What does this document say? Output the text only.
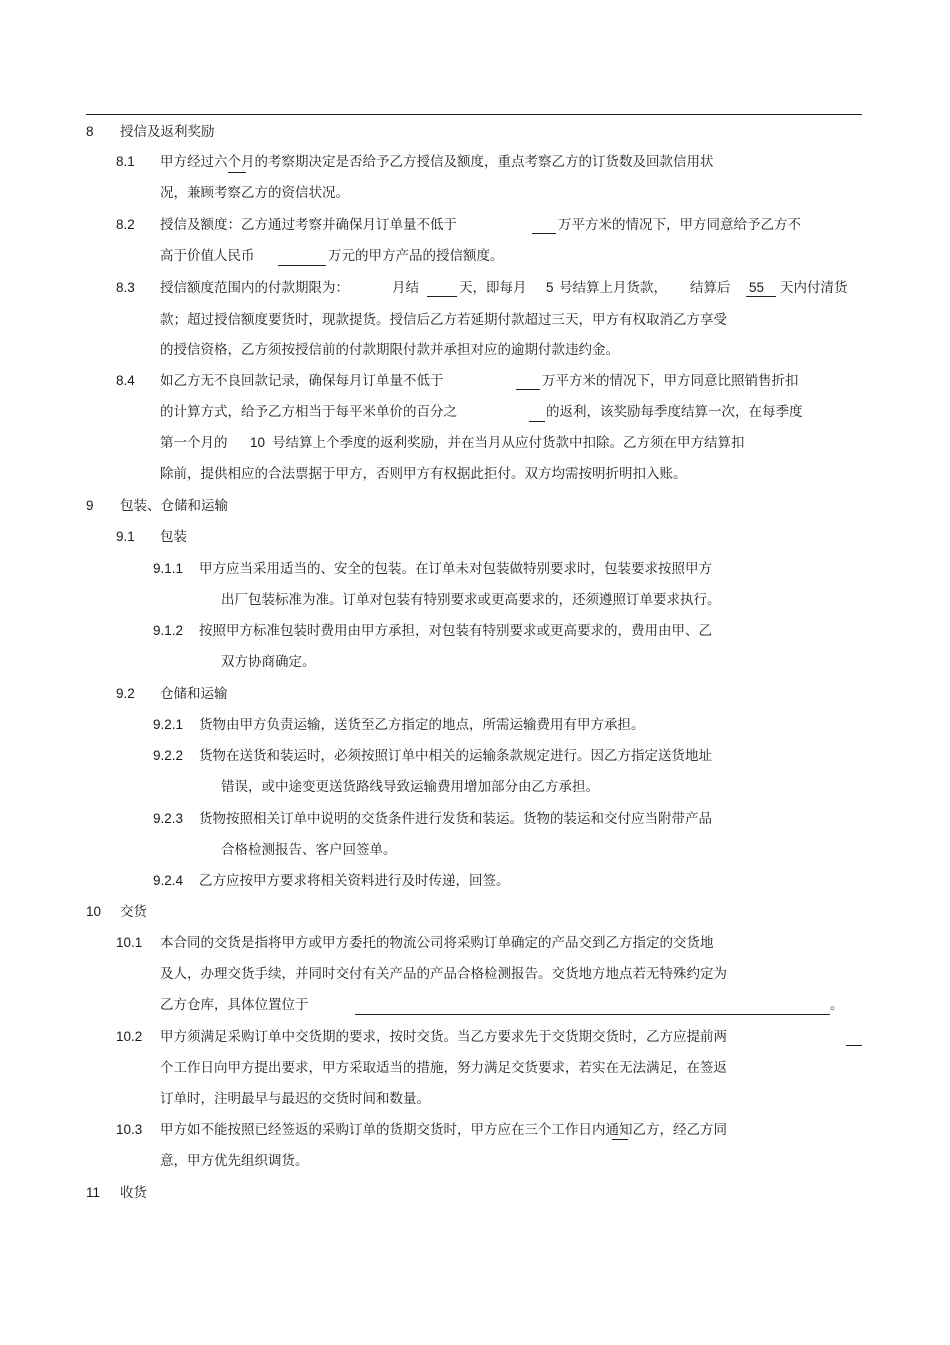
8 授信及返利奖励
8.1 甲方经过六个月的考察期决定是否给予乙方授信及额度，重点考察乙方的订货数及回款信用状
况，兼顾考察乙方的资信状况。
8.2 授信及额度：乙方通过考察并确保月订单量不低于	万平方米的情况下，甲方同意给予乙方不
高于价值人民币	万元的甲方产品的授信额度。
8.3 授信额度范围内的付款期限为：	月结	天，即每月 5 号结算上月货款， 结算后 55 天内付清货
款；超过授信额度要货时，现款提货。授信后乙方若延期付款超过三天，甲方有权取消乙方享受
的授信资格，乙方须按授信前的付款期限付款并承担对应的逾期付款违约金。
8.4 如乙方无不良回款记录，确保每月订单量不低于	万平方米的情况下，甲方同意比照销售折扣
的计算方式，给予乙方相当于每平米单价的百分之	的返利，该奖励每季度结算一次，在每季度
第一个月的 10 号结算上个季度的返利奖励，并在当月从应付货款中扣除。乙方须在甲方结算扣
除前，提供相应的合法票据于甲方，否则甲方有权据此拒付。双方均需按明折明扣入账。
9 包装、仓储和运输
9.1 包装
9.1.1 甲方应当采用适当的、安全的包装。在订单未对包装做特别要求时，包装要求按照甲方
出厂包装标准为准。订单对包装有特别要求或更高要求的，还须遵照订单要求执行。
9.1.2 按照甲方标准包装时费用由甲方承担，对包装有特别要求或更高要求的，费用由甲、乙
双方协商确定。
9.2 仓储和运输
9.2.1 货物由甲方负责运输，送货至乙方指定的地点，所需运输费用有甲方承担。
9.2.2 货物在送货和装运时，必须按照订单中相关的运输条款规定进行。因乙方指定送货地址
错误，或中途变更送货路线导致运输费用增加部分由乙方承担。
9.2.3 货物按照相关订单中说明的交货条件进行发货和装运。货物的装运和交付应当附带产品
合格检测报告、客户回签单。
9.2.4 乙方应按甲方要求将相关资料进行及时传递，回签。
10 交货
10.1 本合同的交货是指将甲方或甲方委托的物流公司将采购订单确定的产品交到乙方指定的交货地
及人，办理交货手续，并同时交付有关产品的产品合格检测报告。交货地方地点若无特殊约定为
乙方仓库，具体位置位于	。
10.2 甲方须满足采购订单中交货期的要求，按时交货。当乙方要求先于交货期交货时，乙方应提前两
个工作日向甲方提出要求，甲方采取适当的措施，努力满足交货要求，若实在无法满足，在签返
订单时，注明最早与最迟的交货时间和数量。
10.3 甲方如不能按照已经签返的采购订单的货期交货时，甲方应在三个工作日内通知乙方，经乙方同
意，甲方优先组织调货。
11 收货
